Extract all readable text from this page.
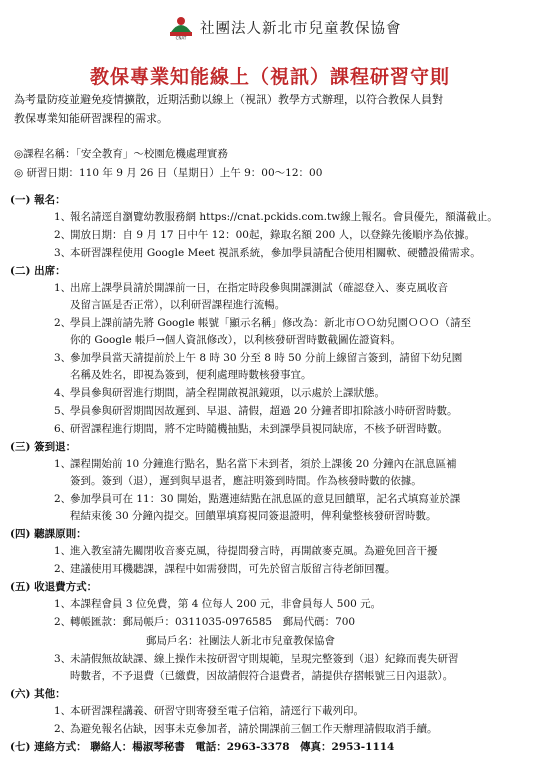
CNAT
社團法人新北市兒童教保協會
教保專業知能線上（視訊）課程研習守則
為考量防疫並避免疫情擴散，近期活動以線上（視訊）教學方式辦理，以符合教保人員對
教保專業知能研習課程的需求。
◎課程名稱：「安全教育」～校園危機處理實務
◎ 研習日期：110 年 9 月 26 日（星期日）上午 9：00～12：00
(一) 報名：
1、
報名請逕自瀏覽幼教服務網 https://cnat.pckids.com.tw線上報名。會員優先，額滿截止。
2、
開放日期：自 9 月 17 日中午 12：00起，錄取名額 200 人，以登錄先後順序為依據。
3、
本研習課程使用 Google Meet 視訊系統，參加學員請配合使用相關軟、硬體設備需求。
(二) 出席：
1、
出席上課學員請於開課前一日，在指定時段參與開課測試（確認登入、麥克風收音
及留言區是否正常），以利研習課程進行流暢。
2、
學員上課前請先將 Google 帳號「顯示名稱」修改為：新北市ＯＯ幼兒園ＯＯＯ（請至
你的 Google 帳戶→個人資訊修改），以利核發研習時數截圖佐證資料。
3、
參加學員當天請提前於上午 8 時 30 分至 8 時 50 分前上線留言簽到，請留下幼兒園
名稱及姓名，即視為簽到，便利處理時數核發事宜。
4、
學員參與研習進行期間，請全程開啟視訊鏡頭，以示處於上課狀態。
5、
學員參與研習期間因故遲到、早退、請假，超過 20 分鐘者即扣除該小時研習時數。
6、
研習課程進行期間，將不定時隨機抽點，未到課學員視同缺席，不核予研習時數。
(三) 簽到退：
1、
課程開始前 10 分鐘進行點名，點名當下未到者，須於上課後 20 分鐘內在訊息區補
簽到。簽到（退），遲到與早退者，應註明簽到時間。作為核發時數的依據。
2、
參加學員可在 11：30 開始，點選連結點在訊息區的意見回饋單，記名式填寫並於課
程結束後 30 分鐘內提交。回饋單填寫視同簽退證明，俾利彙整核發研習時數。
(四) 聽課原則：
1、
進入教室請先關閉收音麥克風，待提問發言時，再開啟麥克風。為避免回音干擾
2、
建議使用耳機聽課，課程中如需發問，可先於留言版留言待老師回覆。
(五) 收退費方式：
1、
本課程會員 3 位免費，第 4 位每人 200 元，非會員每人 500 元。
2、
轉帳匯款：郵局帳戶：0311035-0976585　郵局代碼：700
郵局戶名：社團法人新北市兒童教保協會
3、
未請假無故缺課、線上操作未按研習守則規範，呈現完整簽到（退）紀錄而喪失研習
時數者，不予退費（已繳費，因故請假符合退費者，請提供存摺帳號三日內退款）。
(六) 其他：
1、
本研習課程講義、研習守則寄發至電子信箱，請逕行下載列印。
2、
為避免報名佔缺，因事未克參加者，請於開課前三個工作天辦理請假取消手續。
(七) 連絡方式： 聯絡人：楊淑琴秘書　電話：2963-3378　傳真：2953-1114
